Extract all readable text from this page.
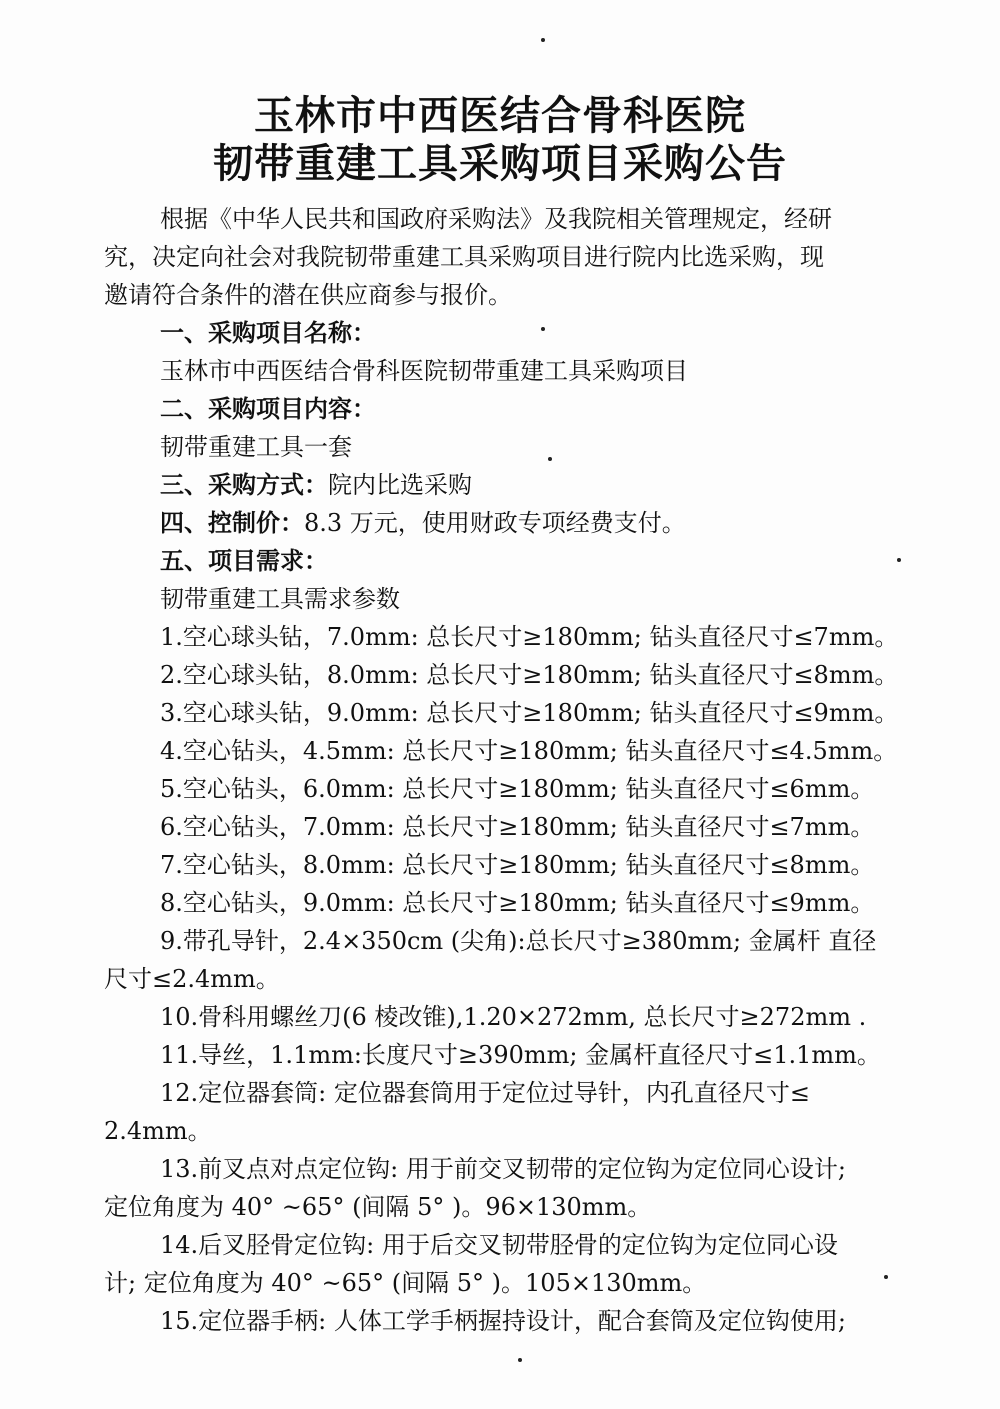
玉林市中西医结合骨科医院
韧带重建工具采购项目采购公告
根据《中华人民共和国政府采购法》及我院相关管理规定，经研
究，决定向社会对我院韧带重建工具采购项目进行院内比选采购，现
邀请符合条件的潜在供应商参与报价。
一、采购项目名称：
玉林市中西医结合骨科医院韧带重建工具采购项目
二、采购项目内容：
韧带重建工具一套
三、采购方式：院内比选采购
四、控制价：8.3 万元，使用财政专项经费支付。
五、项目需求：
韧带重建工具需求参数
1.空心球头钻，7.0mm: 总长尺寸≥180mm; 钻头直径尺寸≤7mm。
2.空心球头钻，8.0mm: 总长尺寸≥180mm; 钻头直径尺寸≤8mm。
3.空心球头钻，9.0mm: 总长尺寸≥180mm; 钻头直径尺寸≤9mm。
4.空心钻头，4.5mm: 总长尺寸≥180mm; 钻头直径尺寸≤4.5mm。
5.空心钻头，6.0mm: 总长尺寸≥180mm; 钻头直径尺寸≤6mm。
6.空心钻头，7.0mm: 总长尺寸≥180mm; 钻头直径尺寸≤7mm。
7.空心钻头，8.0mm: 总长尺寸≥180mm; 钻头直径尺寸≤8mm。
8.空心钻头，9.0mm: 总长尺寸≥180mm; 钻头直径尺寸≤9mm。
9.带孔导针，2.4×350cm (尖角):总长尺寸≥380mm; 金属杆 直径
尺寸≤2.4mm。
10.骨科用螺丝刀(6 棱改锥),1.20×272mm, 总长尺寸≥272mm .
11.导丝，1.1mm:长度尺寸≥390mm; 金属杆直径尺寸≤1.1mm。
12.定位器套筒: 定位器套筒用于定位过导针，内孔直径尺寸≤
2.4mm。
13.前叉点对点定位钩: 用于前交叉韧带的定位钩为定位同心设计;
定位角度为 40° ~65° (间隔 5° )。96×130mm。
14.后叉胫骨定位钩: 用于后交叉韧带胫骨的定位钩为定位同心设
计; 定位角度为 40° ~65° (间隔 5° )。105×130mm。
15.定位器手柄: 人体工学手柄握持设计，配合套筒及定位钩使用;
